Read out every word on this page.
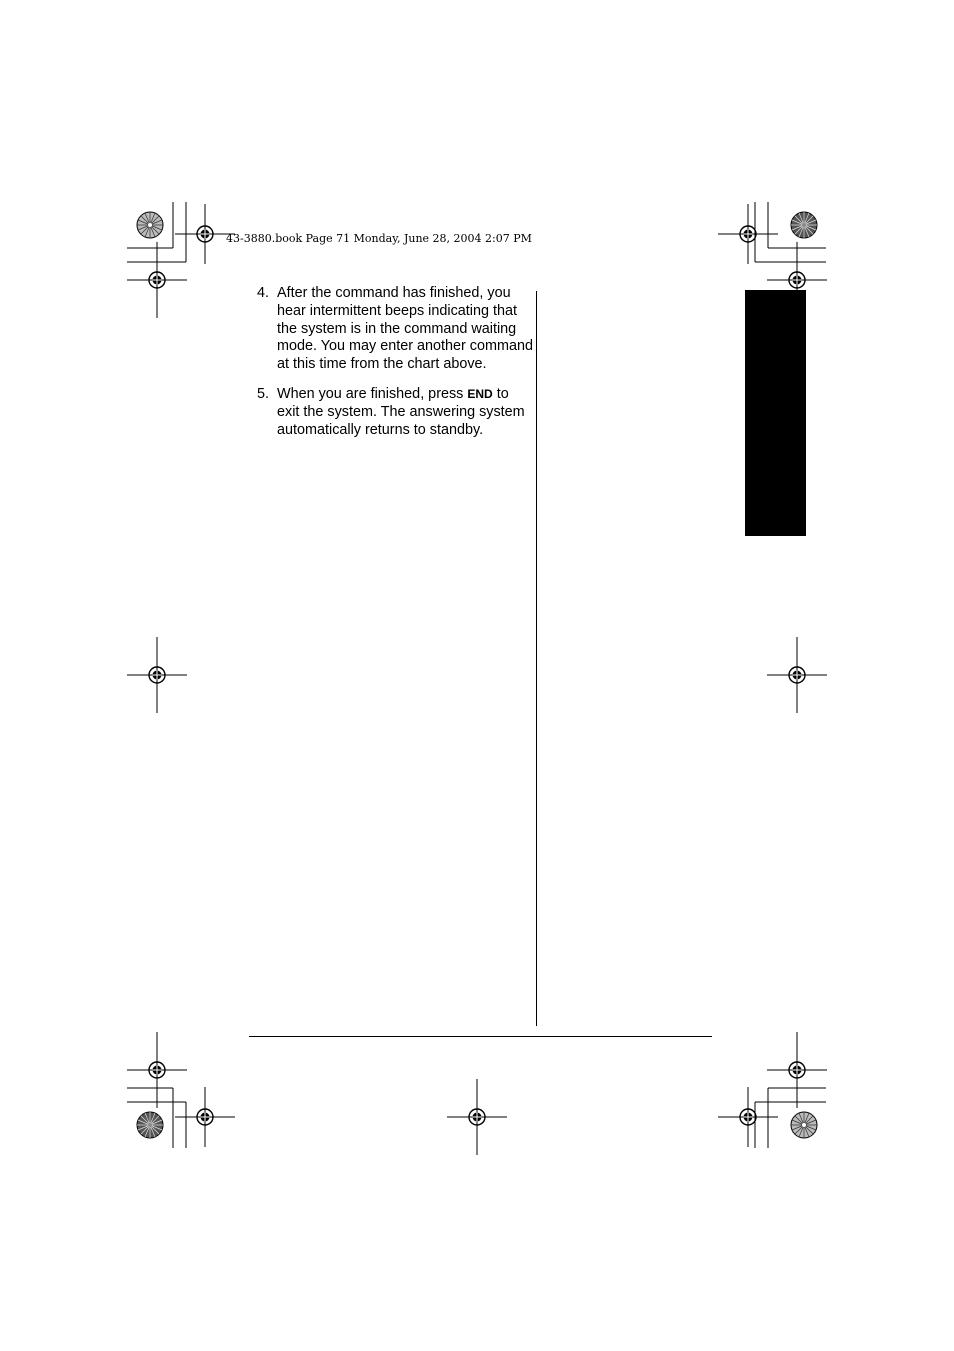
43-3880.book Page 71 Monday, June 28, 2004 2:07 PM
4. After the command has finished, you hear intermittent beeps indicating that the system is in the command waiting mode. You may enter another command at this time from the chart above.
5. When you are finished, press END to exit the system. The answering system automatically returns to standby.
